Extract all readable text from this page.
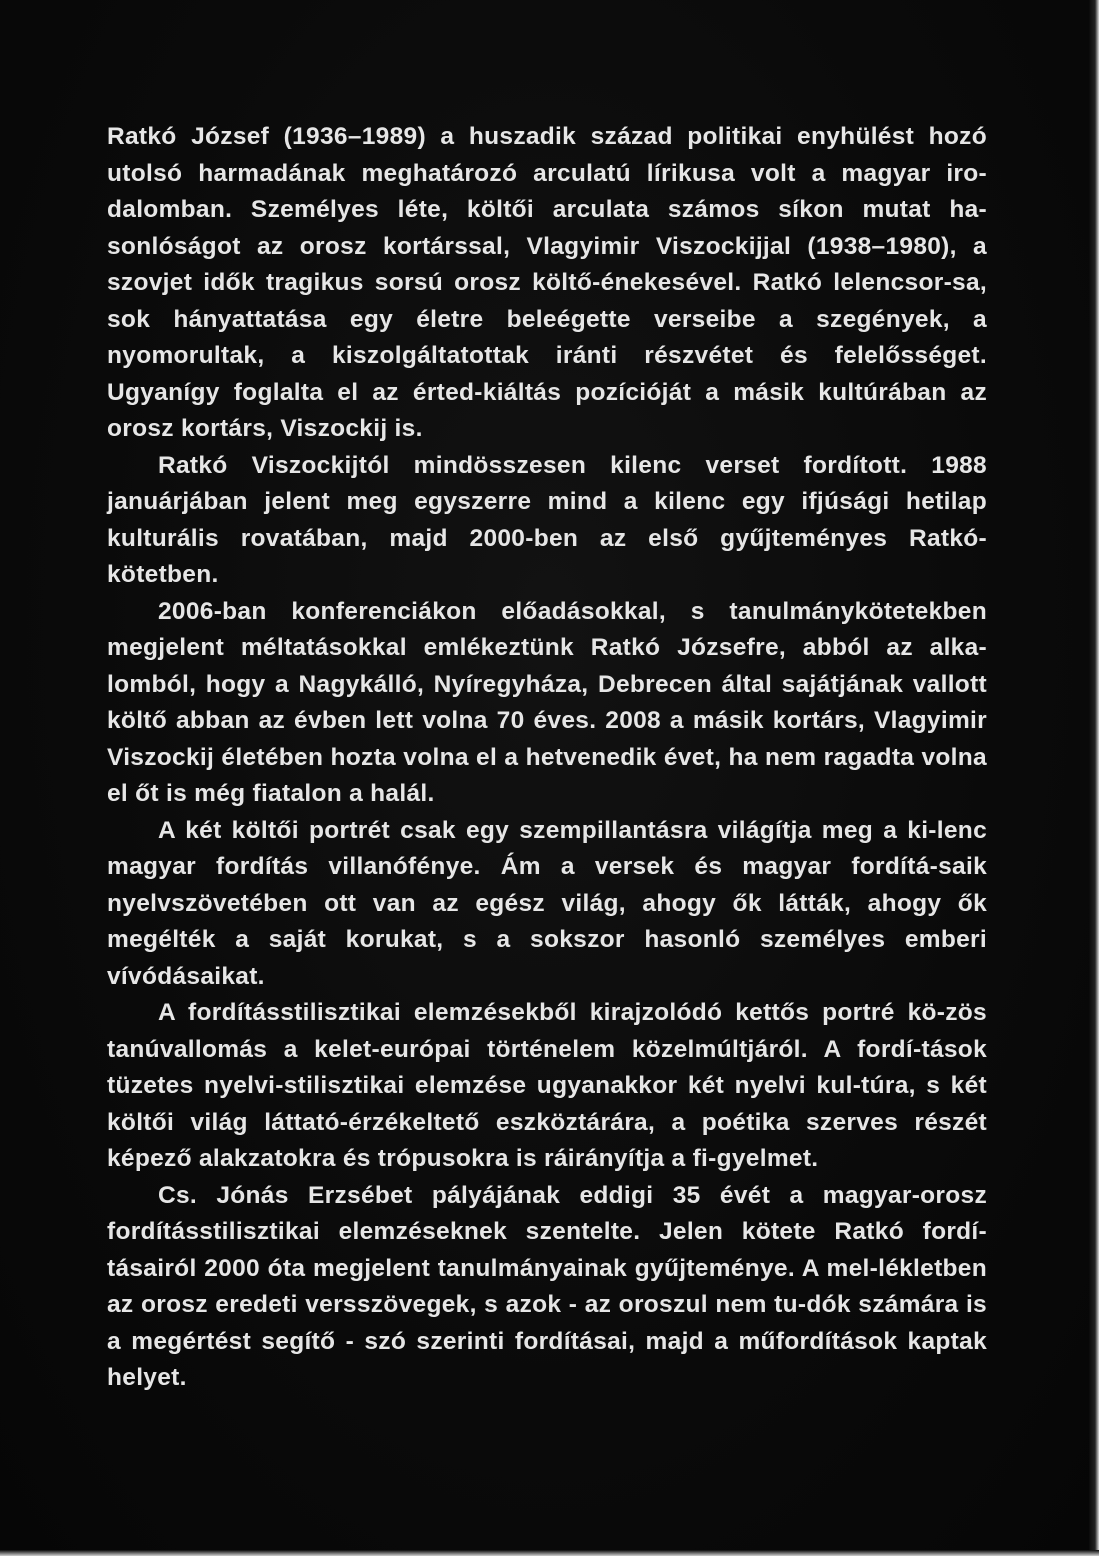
Ratkó József (1936–1989) a huszadik század politikai enyhülést hozó utolsó harmadának meghatározó arculatú lírikusa volt a magyar iro-dalomban. Személyes léte, költői arculata számos síkon mutat ha-sonlóságot az orosz kortárssal, Vlagyimir Viszockijjal (1938–1980), a szovjet idők tragikus sorsú orosz költő-énekesével. Ratkó lelencsor-sa, sok hányattatása egy életre beleégette verseibe a szegények, a nyomorultak, a kiszolgáltatottak iránti részvétet és felelősséget. Ugyanígy foglalta el az érted-kiáltás pozícióját a másik kultúrában az orosz kortárs, Viszockij is.

Ratkó Viszockijtól mindösszesen kilenc verset fordított. 1988 januárjában jelent meg egyszerre mind a kilenc egy ifjúsági hetilap kulturális rovatában, majd 2000-ben az első gyűjteményes Ratkó-kötetben.

2006-ban konferenciákon előadásokkal, s tanulmánykötetekben megjelent méltatásokkal emlékeztünk Ratkó Józsefre, abból az alka-lomból, hogy a Nagykálló, Nyíregyháza, Debrecen által sajátjának vallott költő abban az évben lett volna 70 éves. 2008 a másik kortárs, Vlagyimir Viszockij életében hozta volna el a hetvenedik évet, ha nem ragadta volna el őt is még fiatalon a halál.

A két költői portrét csak egy szempillantásra világítja meg a ki-lenc magyar fordítás villanófénye. Ám a versek és magyar fordítá-saik nyelvszövetében ott van az egész világ, ahogy ők látták, ahogy ők megélték a saját korukat, s a sokszor hasonló személyes emberi vívódásaikat.

A fordításstilisztikai elemzésekből kirajzolódó kettős portré kö-zös tanúvallomás a kelet-európai történelem közelmúltjáról. A fordí-tások tüzetes nyelvi-stilisztikai elemzése ugyanakkor két nyelvi kul-túra, s két költői világ láttató-érzékeltető eszköztárára, a poétika szerves részét képező alakzatokra és trópusokra is ráirányítja a fi-gyelmet.

Cs. Jónás Erzsébet pályájának eddigi 35 évét a magyar-orosz fordításstilisztikai elemzéseknek szentelte. Jelen kötete Ratkó fordí-tásairól 2000 óta megjelent tanulmányainak gyűjteménye. A mel-lékletben az orosz eredeti versszövegek, s azok - az oroszul nem tu-dók számára is a megértést segítő - szó szerinti fordításai, majd a műfordítások kaptak helyet.
